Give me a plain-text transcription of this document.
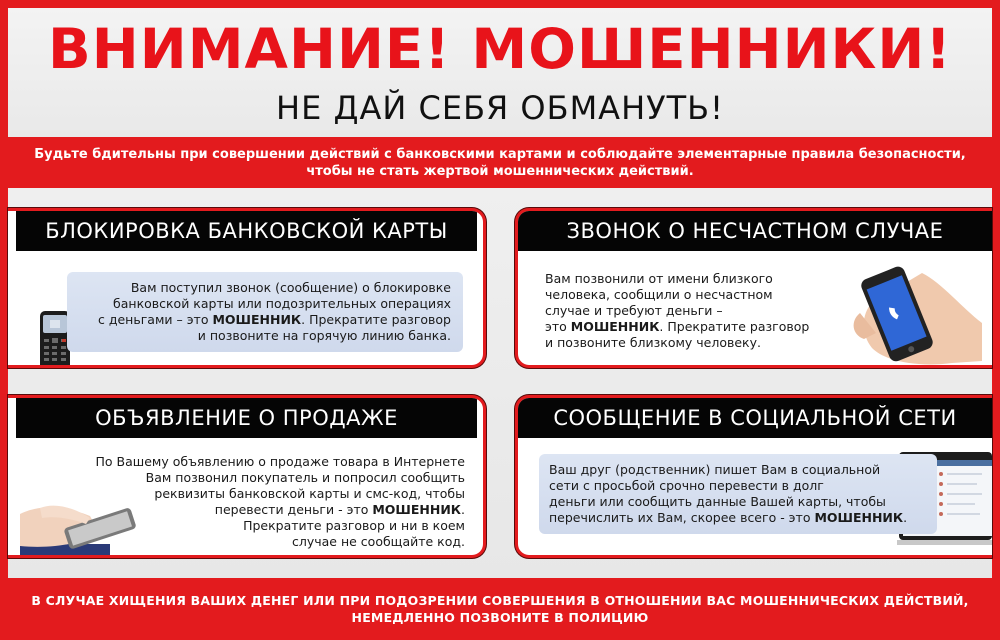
ВНИМАНИЕ! МОШЕННИКИ!
НЕ ДАЙ СЕБЯ ОБМАНУТЬ!
Будьте бдительны при совершении действий с банковскими картами и соблюдайте элементарные правила безопасности,
чтобы не стать жертвой мошеннических действий.
БЛОКИРОВКА БАНКОВСКОЙ КАРТЫ
Вам поступил звонок (сообщение) о блокировке
банковской карты или подозрительных операциях
с деньгами – это МОШЕННИК. Прекратите разговор
и позвоните на горячую линию банка.
ЗВОНОК О НЕСЧАСТНОМ СЛУЧАЕ
Вам позвонили от имени близкого
человека, сообщили о несчастном
случае и требуют деньги –
это МОШЕННИК. Прекратите разговор
и позвоните близкому человеку.
ОБЪЯВЛЕНИЕ О ПРОДАЖЕ
По Вашему объявлению о продаже товара в Интернете
Вам позвонил покупатель и попросил сообщить
реквизиты банковской карты и смс-код, чтобы
перевести деньги - это МОШЕННИК.
Прекратите разговор и ни в коем
случае не сообщайте код.
СООБЩЕНИЕ В СОЦИАЛЬНОЙ СЕТИ
Ваш друг (родственник) пишет Вам в социальной
сети с просьбой срочно перевести в долг
деньги или сообщить данные Вашей карты, чтобы
перечислить их Вам, скорее всего - это МОШЕННИК.
В СЛУЧАЕ ХИЩЕНИЯ ВАШИХ ДЕНЕГ ИЛИ ПРИ ПОДОЗРЕНИИ СОВЕРШЕНИЯ В ОТНОШЕНИИ ВАС МОШЕННИЧЕСКИХ ДЕЙСТВИЙ,
НЕМЕДЛЕННО ПОЗВОНИТЕ В ПОЛИЦИЮ
